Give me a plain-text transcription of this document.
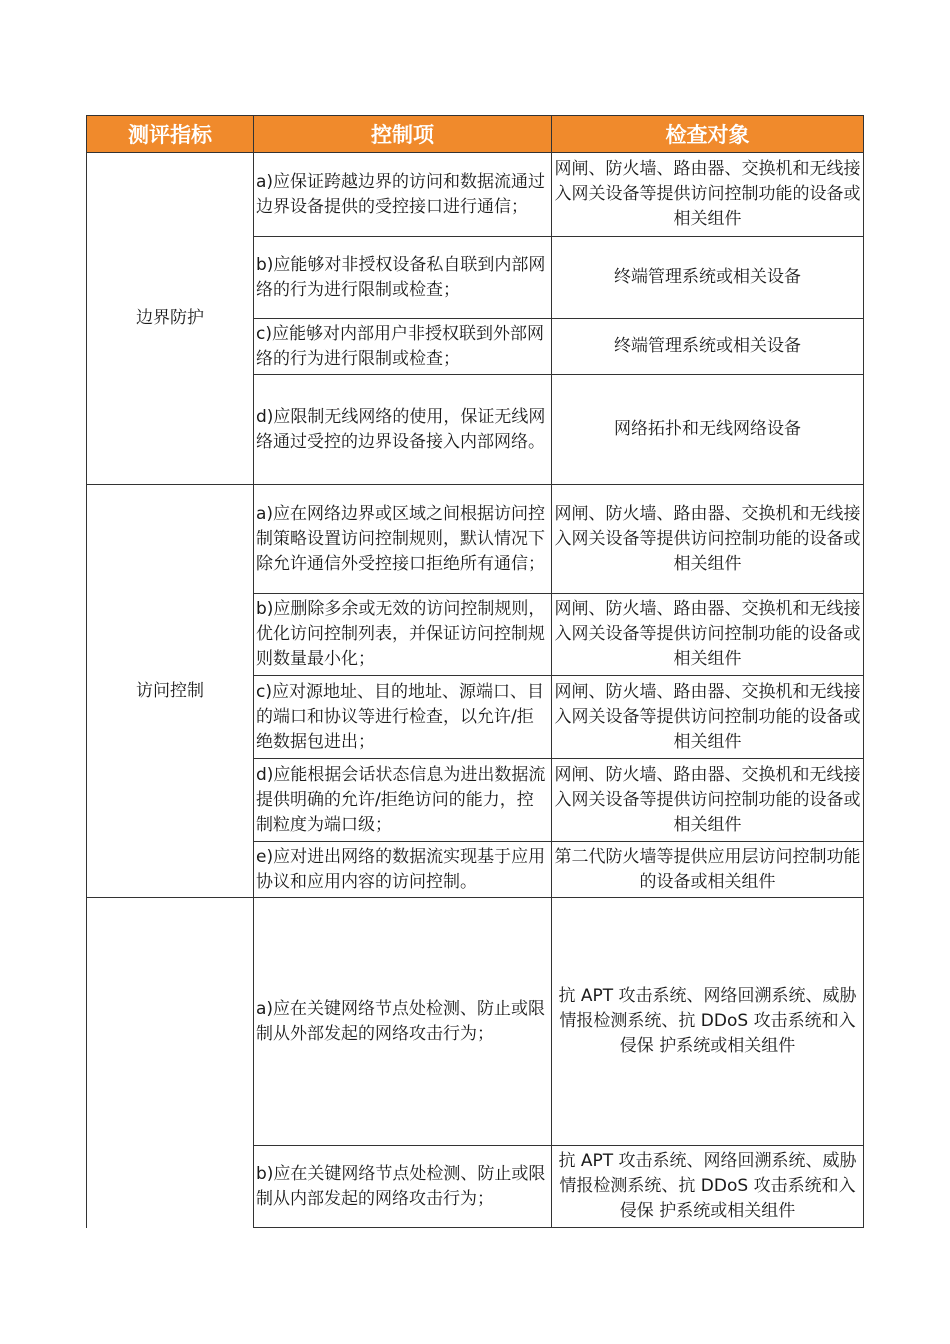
测评指标	控制项	检查对象
边界防护	a)应保证跨越边界的访问和数据流通过边界设备提供的受控接口进行通信；	网闸、防火墙、路由器、交换机和无线接入网关设备等提供访问控制功能的设备或相关组件
	b)应能够对非授权设备私自联到内部网络的行为进行限制或检查；	终端管理系统或相关设备
	c)应能够对内部用户非授权联到外部网络的行为进行限制或检查；	终端管理系统或相关设备
	d)应限制无线网络的使用，保证无线网络通过受控的边界设备接入内部网络。	网络拓扑和无线网络设备
访问控制	a)应在网络边界或区域之间根据访问控制策略设置访问控制规则，默认情况下除允许通信外受控接口拒绝所有通信；	网闸、防火墙、路由器、交换机和无线接入网关设备等提供访问控制功能的设备或 相关组件
	b)应删除多余或无效的访问控制规则，优化访问控制列表，并保证访问控制规则数量最小化；	网闸、防火墙、路由器、交换机和无线接入网关设备等提供访问控制功能的设备或 相关组件
	c)应对源地址、目的地址、源端口、目的端口和协议等进行检查，以允许/拒绝数据包进出；	网闸、防火墙、路由器、交换机和无线接入网关设备等提供访问控制功能的设备或 相关组件
	d)应能根据会话状态信息为进出数据流提供明确的允许/拒绝访问的能力，控制粒度为端口级；	网闸、防火墙、路由器、交换机和无线接入网关设备等提供访问控制功能的设备或 相关组件
	e)应对进出网络的数据流实现基于应用协议和应用内容的访问控制。	第二代防火墙等提供应用层访问控制功能的设备或相关组件
	a)应在关键网络节点处检测、防止或限制从外部发起的网络攻击行为；	抗 APT 攻击系统、网络回溯系统、威胁情报检测系统、抗 DDoS 攻击系统和入侵保 护系统或相关组件
	b)应在关键网络节点处检测、防止或限制从内部发起的网络攻击行为；	抗 APT 攻击系统、网络回溯系统、威胁情报检测系统、抗 DDoS 攻击系统和入侵保 护系统或相关组件
